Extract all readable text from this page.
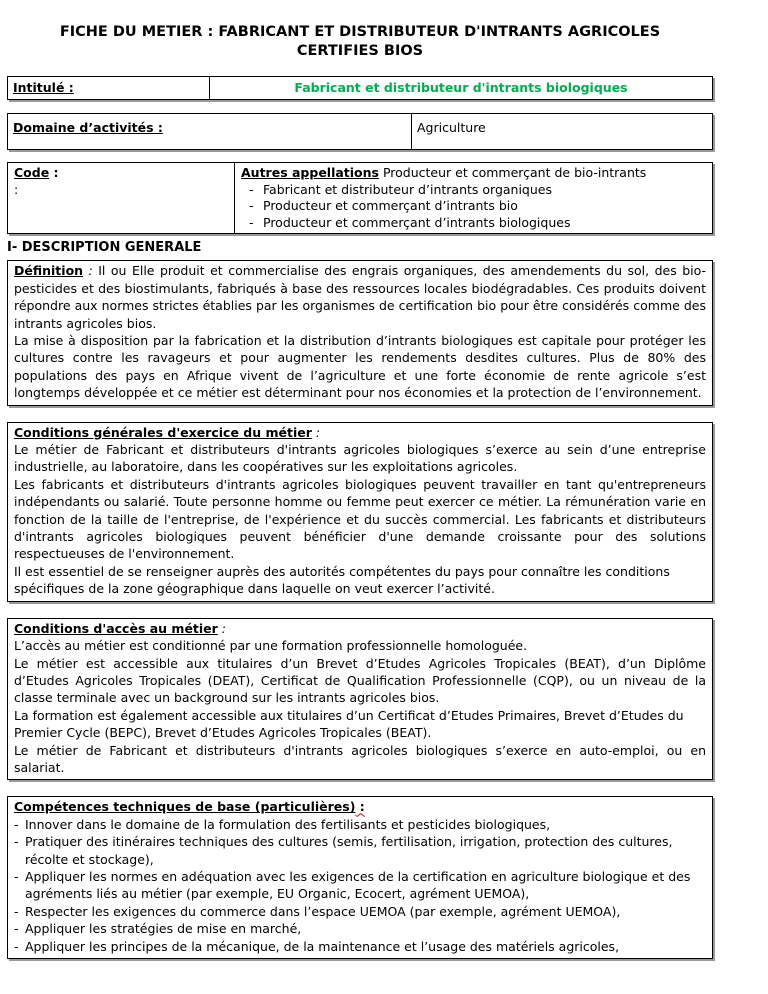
FICHE DU METIER : FABRICANT ET DISTRIBUTEUR D'INTRANTS AGRICOLES
CERTIFIES BIOS
Intitulé :	Fabricant et distributeur d'intrants biologiques
Domaine d’activités :	Agriculture
Code :
:
Autres appellations Producteur et commerçant de bio-intrants
- Fabricant et distributeur d’intrants organiques
- Producteur et commerçant d’intrants bio
- Producteur et commerçant d’intrants biologiques
I- DESCRIPTION GENERALE

Définition : Il ou Elle produit et commercialise des engrais organiques, des amendements du sol, des bio-pesticides et des biostimulants, fabriqués à base des ressources locales biodégradables. Ces produits doivent répondre aux normes strictes établies par les organismes de certification bio pour être considérés comme des intrants agricoles bios.

La mise à disposition par la fabrication et la distribution d’intrants biologiques est capitale pour protéger les cultures contre les ravageurs et pour augmenter les rendements desdites cultures. Plus de 80% des populations des pays en Afrique vivent de l’agriculture et une forte économie de rente agricole s’est longtemps développée et ce métier est déterminant pour nos économies et la protection de l’environnement.

Conditions générales d'exercice du métier :

Le métier de Fabricant et distributeurs d'intrants agricoles biologiques s’exerce au sein d’une entreprise industrielle, au laboratoire, dans les coopératives sur les exploitations agricoles.

Les fabricants et distributeurs d'intrants agricoles biologiques peuvent travailler en tant qu'entrepreneurs indépendants ou salarié. Toute personne homme ou femme peut exercer ce métier. La rémunération varie en fonction de la taille de l'entreprise, de l'expérience et du succès commercial. Les fabricants et distributeurs d'intrants agricoles biologiques peuvent bénéficier d'une demande croissante pour des solutions respectueuses de l'environnement.

Il est essentiel de se renseigner auprès des autorités compétentes du pays pour connaître les conditions spécifiques de la zone géographique dans laquelle on veut exercer l’activité.

Conditions d'accès au métier :

L’accès au métier est conditionné par une formation professionnelle homologuée.

Le métier est accessible aux titulaires d’un Brevet d’Etudes Agricoles Tropicales (BEAT), d’un Diplôme d’Etudes Agricoles Tropicales (DEAT), Certificat de Qualification Professionnelle (CQP), ou un niveau de la classe terminale avec un background sur les intrants agricoles bios.

La formation est également accessible aux titulaires d’un Certificat d’Etudes Primaires, Brevet d’Etudes du Premier Cycle (BEPC), Brevet d’Etudes Agricoles Tropicales (BEAT).

Le métier de Fabricant et distributeurs d'intrants agricoles biologiques s’exerce en auto-emploi, ou en salariat.

Compétences techniques de base (particulières) :
- Innover dans le domaine de la formulation des fertilisants et pesticides biologiques,
- Pratiquer des itinéraires techniques des cultures (semis, fertilisation, irrigation, protection des cultures, récolte et stockage),
- Appliquer les normes en adéquation avec les exigences de la certification en agriculture biologique et des agréments liés au métier (par exemple, EU Organic, Ecocert, agrément UEMOA),
- Respecter les exigences du commerce dans l’espace UEMOA (par exemple, agrément UEMOA),
- Appliquer les stratégies de mise en marché,
- Appliquer les principes de la mécanique, de la maintenance et l’usage des matériels agricoles,
